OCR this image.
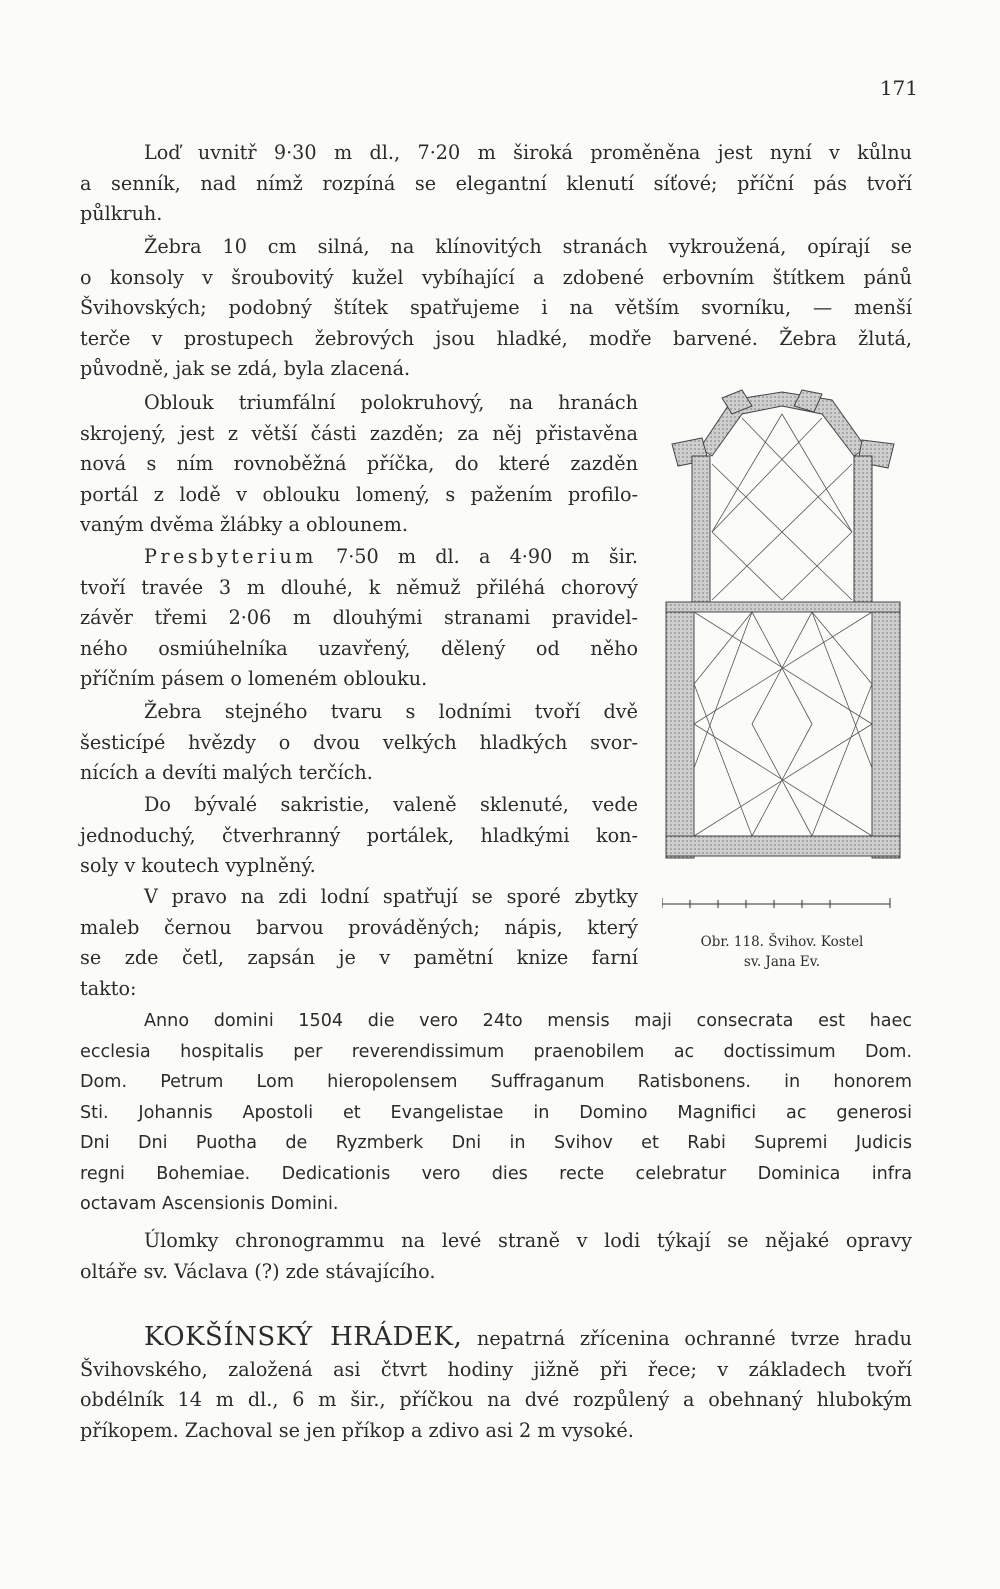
171

Loď uvnitř 9·30 m dl., 7·20 m široká proměněna jest nyní v kůlnu
a senník, nad nímž rozpíná se elegantní klenutí síťové; příční pás tvoří
půlkruh.

Žebra 10 cm silná, na klínovitých stranách vykroužená, opírají se
o konsoly v šroubovitý kužel vybíhající a zdobené erbovním štítkem pánů
Švihovských; podobný štítek spatřujeme i na větším svorníku, — menší
terče v prostupech žebrových jsou hladké, modře barvené. Žebra žlutá,
původně, jak se zdá, byla zlacená.

Oblouk triumfální polokruhový, na hranách
skrojený, jest z větší části zazděn; za něj přistavěna
nová s ním rovnoběžná příčka, do které zazděn
portál z lodě v oblouku lomený, s pažením profilo-
vaným dvěma žlábky a oblounem.

Presbyterium 7·50 m dl. a 4·90 m šir.
tvoří travée 3 m dlouhé, k němuž přiléhá chorový
závěr třemi 2·06 m dlouhými stranami pravidel-
ného osmiúhelníka uzavřený, dělený od něho
příčním pásem o lomeném oblouku.

Žebra stejného tvaru s lodními tvoří dvě
šesticípé hvězdy o dvou velkých hladkých svor-
nících a devíti malých terčích.

Do bývalé sakristie, valeně sklenuté, vede
jednoduchý, čtverhranný portálek, hladkými kon-
soly v koutech vyplněný.

V pravo na zdi lodní spatřují se sporé zbytky
maleb černou barvou prováděných; nápis, který
se zde četl, zapsán je v pamětní knize farní
takto:

Anno domini 1504 die vero 24to mensis maji consecrata est haec
ecclesia hospitalis per reverendissimum praenobilem ac doctissimum Dom.
Dom. Petrum Lom hieropolensem Suffraganum Ratisbonens. in honorem
Sti. Johannis Apostoli et Evangelistae in Domino Magnifici ac generosi
Dni Dni Puotha de Ryzmberk Dni in Svihov et Rabi Supremi Judicis
regni Bohemiae. Dedicationis vero dies recte celebratur Dominica infra
octavam Ascensionis Domini.

Úlomky chronogrammu na levé straně v lodi týkají se nějaké opravy
oltáře sv. Václava (?) zde stávajícího.

KOKŠÍNSKÝ HRÁDEK, nepatrná zřícenina ochranné tvrze hradu
Švihovského, založená asi čtvrt hodiny jižně při řece; v základech tvoří
obdélník 14 m dl., 6 m šir., příčkou na dvé rozpůlený a obehnaný hlubokým
příkopem. Zachoval se jen příkop a zdivo asi 2 m vysoké.

Obr. 118. Švihov. Kostel
sv. Jana Ev.
